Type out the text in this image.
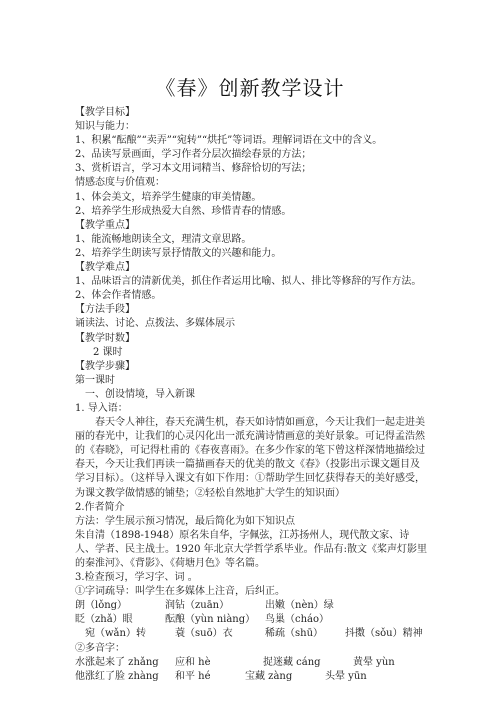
《春》创新教学设计
【教学目标】
知识与能力：
1、积累“酝酿”“卖弄”“宛转”“烘托”等词语。理解词语在文中的含义。
2、品读写景画面，学习作者分层次描绘春景的方法；
3、赏析语言，学习本文用词精当、修辞恰切的写法；
情感态度与价值观：
1、体会美文，培养学生健康的审美情趣。
2、培养学生形成热爱大自然、珍惜青春的情感。
【教学重点】
1、能流畅地朗读全文，理清文章思路。
2、培养学生朗读写景抒情散文的兴趣和能力。
【教学难点】
1、品味语言的清新优美，抓住作者运用比喻、拟人、排比等修辞的写作方法。
2、体会作者情感。
【方法手段】
诵读法、讨论、点拨法、多媒体展示
【教学时数】
2 课时
【教学步骤】
第一课时
一、创设情境，导入新课
1. 导入语：
春天令人神往，春天充满生机，春天如诗情如画意，今天让我们一起走进美丽的春光中，让我们的心灵闪化出一派充满诗情画意的美好景象。可记得孟浩然的《春晓》，可记得杜甫的《春夜喜雨》。在多少作家的笔下曾这样深情地描绘过春天，今天让我们再读一篇描画春天的优美的散文《春》（投影出示课文题目及学习目标）。（这样导入课文有如下作用：①帮助学生回忆获得春天的美好感受，为课文教学做情感的铺垫；②轻松自然地扩大学生的知识面）
2.作者简介
方法：学生展示预习情况，最后简化为如下知识点
朱自清（1898-1948）原名朱自华，字佩弦，江苏扬州人，现代散文家、诗人、学者、民主战士。1920 年北京大学哲学系毕业。作品有:散文《桨声灯影里的秦淮河》、《背影》、《荷塘月色》等名篇。
3.检查预习，学习字、词 。
①字词疏导：叫学生在多媒体上注音，后纠正。
朗（lǒng）	润钻（zuān）	出嫩（nèn）绿
眨（zhǎ）眼	酝酿（yùn niàng） 鸟巢（cháo）
宛（wǎn）转	蓑（suō）衣	稀疏（shū）	抖擞（sǒu）精神
②多音字：
水涨起来了 zhǎng	应和 hè	捉迷藏 cáng	黄晕 yùn
他涨红了脸 zhàng	和平 hé	宝藏 zàng	头晕 yūn
